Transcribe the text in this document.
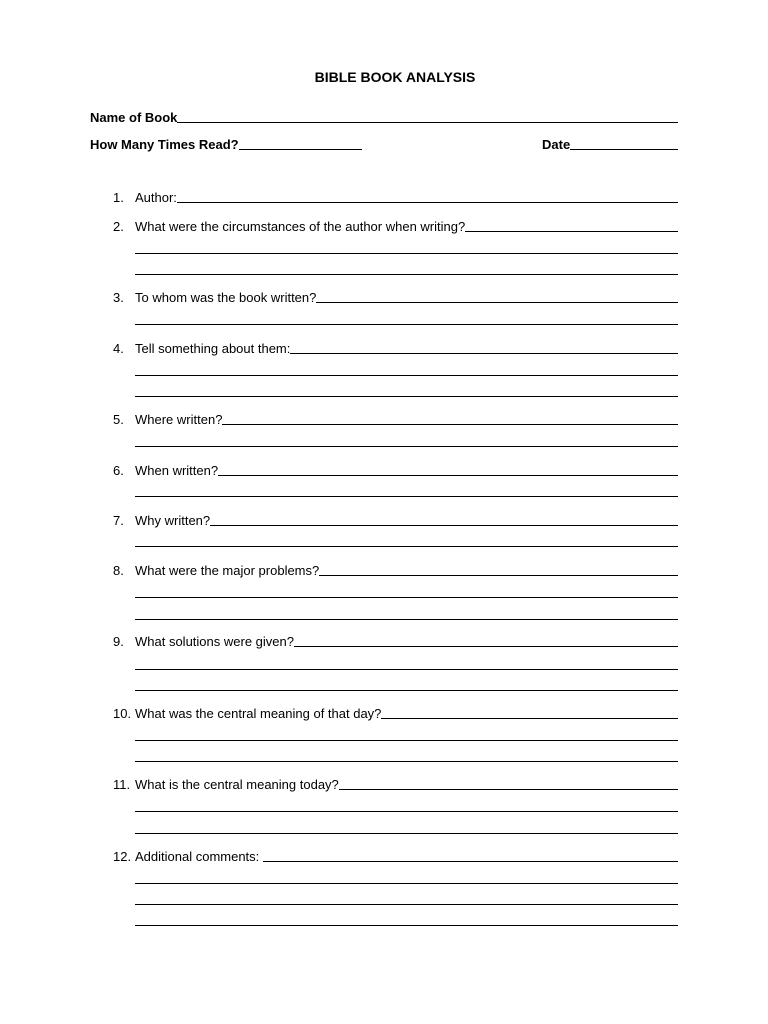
BIBLE BOOK ANALYSIS
Name of Book
How Many Times Read?	Date
1. Author:
2. What were the circumstances of the author when writing?
3. To whom was the book written?
4. Tell something about them:
5. Where written?
6. When written?
7. Why written?
8. What were the major problems?
9. What solutions were given?
10. What was the central meaning of that day?
11. What is the central meaning today?
12. Additional comments:
